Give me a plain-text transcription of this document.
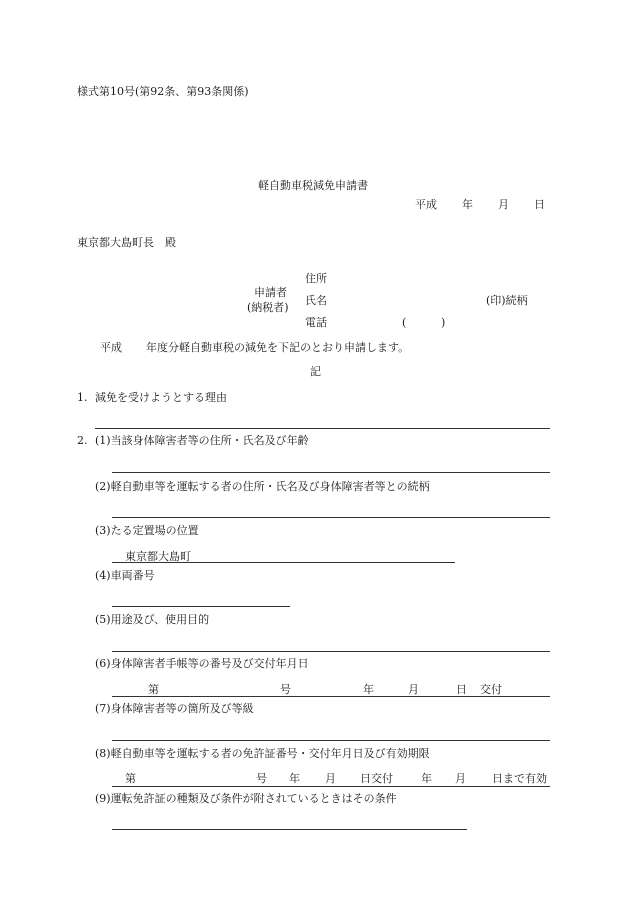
様式第10号(第92条、第93条関係)
軽自動車税減免申請書
平成 年 月 日
東京都大島町長　殿
申請者
(納税者)
住所
氏名	(印)続柄
電話	(	)
平成 年度分軽自動車税の減免を下記のとおり申請します。
記
1. 減免を受けようとする理由
2. (1)当該身体障害者等の住所・氏名及び年齢
(2)軽自動車等を運転する者の住所・氏名及び身体障害者等との続柄
(3)たる定置場の位置
東京都大島町
(4)車両番号
(5)用途及び、使用目的
(6)身体障害者手帳等の番号及び交付年月日
第	号	年	月	日 交付
(7)身体障害者等の箇所及び等級
(8)軽自動車等を運転する者の免許証番号・交付年月日及び有効期限
第	号 年 月 日交付	年 月 日まで有効
(9)運転免許証の種類及び条件が附されているときはその条件
